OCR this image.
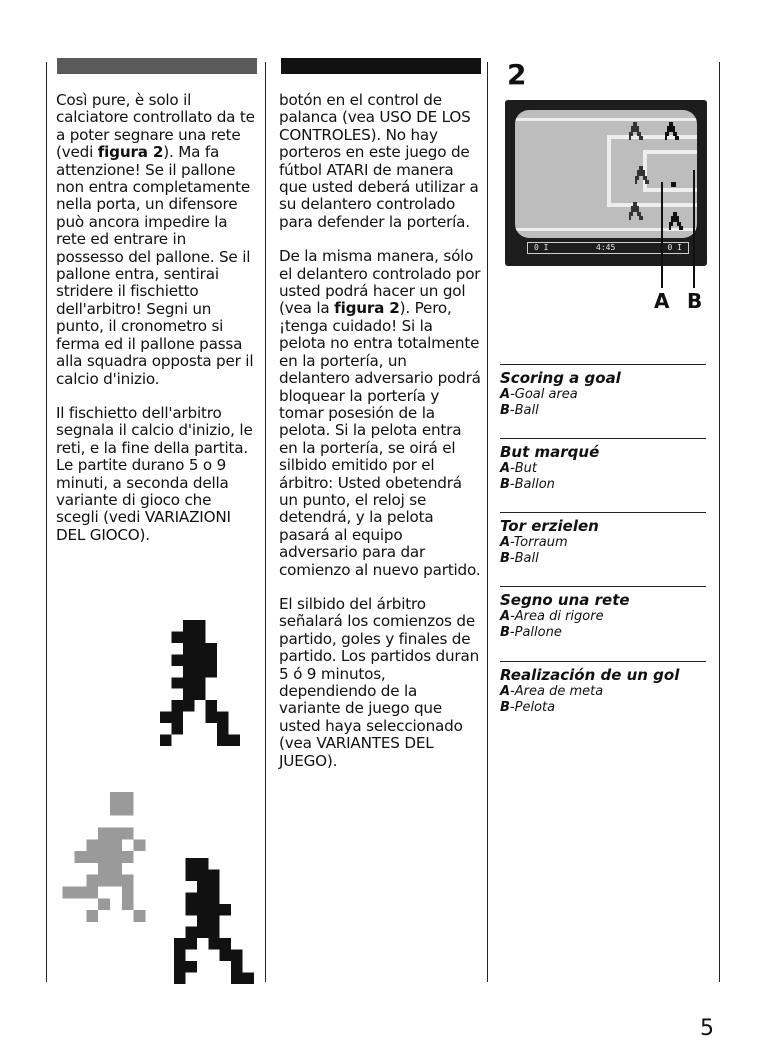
Così pure, è solo il calciatore controllato da te a poter segnare una rete (vedi figura 2). Ma fa attenzione! Se il pallone non entra completamente nella porta, un difensore può ancora impedire la rete ed entrare in possesso del pallone. Se il pallone entra, sentirai stridere il fischietto dell'arbitro! Segni un punto, il cronometro si ferma ed il pallone passa alla squadra opposta per il calcio d'inizio.

Il fischietto dell'arbitro segnala il calcio d'inizio, le reti, e la fine della partita. Le partite durano 5 o 9 minuti, a seconda della variante di gioco che scegli (vedi VARIAZIONI DEL GIOCO).

botón en el control de palanca (vea USO DE LOS CONTROLES). No hay porteros en este juego de fútbol ATARI de manera que usted deberá utilizar a su delantero controlado para defender la portería.

De la misma manera, sólo el delantero controlado por usted podrá hacer un gol (vea la figura 2). Pero, ¡tenga cuidado! Si la pelota no entra totalmente en la portería, un delantero adversario podrá bloquear la portería y tomar posesión de la pelota. Si la pelota entra en la portería, se oirá el silbido emitido por el árbitro: Usted obetendrá un punto, el reloj se detendrá, y la pelota pasará al equipo adversario para dar comienzo al nuevo partido.

El silbido del árbitro señalará los comienzos de partido, goles y finales de partido. Los partidos duran 5 ó 9 minutos, dependiendo de la variante de juego que usted haya seleccionado (vea VARIANTES DEL JUEGO).

2
0 I	4:45	0 I
A B
Scoring a goal
A-Goal area
B-Ball
But marqué
A-But
B-Ballon
Tor erzielen
A-Torraum
B-Ball
Segno una rete
A-Area di rigore
B-Pallone
Realización de un gol
A-Area de meta
B-Pelota
5
